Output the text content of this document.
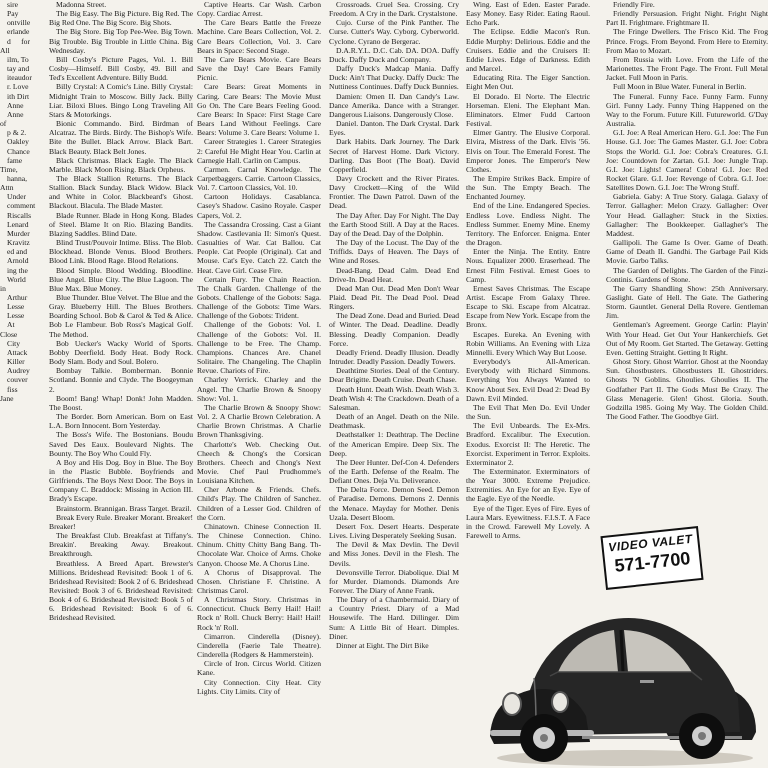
sire

Pay

ontville

erlande

d for All

ilm, To

tay and

iteaudor

r. Love

ith Dirt

Anne

Anne of

p & 2.

Oakley

Chance

fame Time,

hanna, Attn

Under

comment

Riscalls

Lenard

Murder

Kravitz

ed and

Arnold

ing the

World in

Arthur

Lesse

Lesse

At Close

City

Attack

Killer

Audrey

couver

fiss Jane

Madonna Street.

The Big Easy. The Big Picture. Big Red. The Big Red One. The Big Score. Big Shots.

The Big Store. Big Top Pee-Wee. Big Town. Big Trouble. Big Trouble in Little China. Big Wednesday.

Bill Cosby's Picture Pages, Vol. 1. Bill Cosby—Himself. Bill Cosby, 49. Bill and Ted's Excellent Adventure. Billy Budd.

Billy Crystal: A Comic's Line. Billy Crystal: Midnight Train to Moscow. Billy Jack. Billy Liar. Biloxi Blues. Bingo Long Traveling All Stars & Motorkings.

Bionic Commando. Bird. Birdman of Alcatraz. The Birds. Birdy. The Bishop's Wife. Bite the Bullet. Black Arrow. Black Bart. Black Beauty. Black Belt Jones.

Black Christmas. Black Eagle. The Black Marble. Black Moon Rising. Black Orpheus.

The Black Stallion Returns. The Black Stallion. Black Sunday. Black Widow. Black and White in Color. Blackbeard's Ghost. Blackout. Blacula. The Blade Master.

Blade Runner. Blade in Hong Kong. Blades of Steel. Blame It on Rio. Blazing Bandits. Blazing Saddles. Blind Date.

Blind Trust/Pouvoir Intime. Bliss. The Blob. Blockhead. Blonde Venus. Blood Brothers. Blood Link. Blood Rage. Blood Relations.

Blood Simple. Blood Wedding. Bloodline. Blue Angel. Blue City. The Blue Lagoon. The Blue Max. Blue Money.

Blue Thunder. Blue Velvet. The Blue and the Gray. Blueberry Hill. The Blues Brothers. Boarding School. Bob & Carol & Ted & Alice. Bob Le Flambeur. Bob Ross's Magical Golf. The Method.

Bob Uecker's Wacky World of Sports. Bobby Deerfield. Body Heat. Body Rock. Body Slam. Body and Soul. Bolero.

Bombay Talkie. Bomberman. Bonnie Scotland. Bonnie and Clyde. The Boogeyman 2.

Boom! Bang! Whap! Donk! John Madden. The Boost.

The Border. Born American. Born on East L.A. Born Innocent. Born Yesterday.

The Boss's Wife. The Bostonians. Boudu Saved Des Eaux. Boulevard Nights. The Bounty. The Boy Who Could Fly.

A Boy and His Dog. Boy in Blue. The Boy in the Plastic Bubble. Boyfriends and Girlfriends. The Boys Next Door. The Boys in Company C. Braddock: Missing in Action III. Brady's Escape.

Brainstorm. Brannigan. Brass Target. Brazil.

Break Every Rule. Breaker Morant. Breaker! Breaker!

The Breakfast Club. Breakfast at Tiffany's. Breakin'. Breaking Away. Breakout. Breakthrough.

Breathless. A Breed Apart. Brewster's Millions. Brideshead Revisited: Book 1 of 6. Brideshead Revisited: Book 2 of 6. Brideshead Revisited: Book 3 of 6. Brideshead Revisited: Book 4 of 6. Brideshead Revisited: Book 5 of 6. Brideshead Revisited: Book 6 of 6. Brideshead Revisited.

Captive Hearts. Car Wash. Carbon Copy. Cardiac Arrest.

The Care Bears Battle the Freeze Machine. Care Bears Collection, Vol. 2. Care Bears Collection, Vol. 3. Care Bears in Space: Second Stage.

The Care Bears Movie. Care Bears Save the Day! Care Bears Family Picnic.

Care Bears: Great Moments in Caring. Care Bears: The Movie Must Go On. The Care Bears Feeling Good. Care Bears: In Space: First Stage Care Bears Land Without Feelings. Care Bears: Volume 3. Care Bears: Volume 1.

Career Strategies 1. Career Strategies 2: Careful He Might Hear You. Carlin at Carnegie Hall. Carlin on Campus.

Carmen. Carnal Knowledge. The Carpetbaggers. Carrie. Cartoon Classics, Vol. 7. Cartoon Classics, Vol. 10.

Cartoon Holidays. Casablanca. Casey's Shadow. Casino Royale. Casper Capers, Vol. 2.

The Cassandra Crossing. Cast a Giant Shadow. Castlevania II: Simon's Quest. Casualties of War. Cat Ballou. Cat People. Cat People (Original). Cat and Mouse. Cat's Eye. Catch 22. Catch the Heat. Cave Girl. Cease Fire.

Certain Fury. The Chain Reaction. The Chalk Garden. Challenge of the Gobots. Challenge of the Gobots: Saga. Challenge of the Gobots: Time Wars. Challenge of the Gobots: Trident.

Challenge of the Gobots: Vol. I. Challenge of the Gobots: Vol. II. Challenge to be Free. The Champ. Champions. Chances Are. Chanel Solitaire. The Changeling. The Chaplin Revue. Chariots of Fire.

Charley Verrick. Charley and the Angel. The Charlie Brown & Snoopy Show: Vol. 1.

The Charlie Brown & Snoopy Show: Vol. 2. A Charlie Brown Celebration. A Charlie Brown Christmas. A Charlie Brown Thanksgiving.

Charlotte's Web. Checking Out. Cheech & Chong's the Corsican Brothers. Cheech and Chong's Next Movie. Chef Paul Prudhomme's Louisiana Kitchen.

Cher Arbone & Friends. Chefs. Child's Play. The Children of Sanchez. Children of a Lesser God. Children of the Corn.

Chinatown. Chinese Connection II. The Chinese Connection. Chino. Chinum. Chitty Chitty Bang Bang. Th- Chocolate War. Choice of Arms. Choke Canyon. Choose Me. A Chorus Line.

A Chorus of Disapproval. The Chosen. Christiane F. Christine. A Christmas Carol.

A Christmas Story. Christmas in Connecticut. Chuck Berry Hail! Hail! Rock n' Roll. Chuck Berry: Hail! Hail! Rock 'n' Roll.

Cimarron. Cinderella (Disney). Cinderella (Faerie Tale Theatre). Cinderella (Rodgers & Hammerstein).

Circle of Iron. Circus World. Citizen Kane.

City Connection. City Heat. City Lights. City Limits. City of

Crossroads. Cruel Sea. Crossing. Cry Freedom. A Cry in the Dark. Crystalstone.

Cujo. Curse of the Pink Panther. The Curse. Cutter's Way. Cyborg. Cyberworld. Cyclone. Cyrano de Bergerac.

D.A.R.Y.L. D.C. Cab. DA. DOA. Daffy Duck. Daffy Duck and Company.

Daffy Duck's Madcap Mania. Daffy Duck: Ain't That Ducky. Daffy Duck: The Nuttiness Continues. Daffy Duck Bunnies.

Damien: Omen II. Dan Candy's Law. Dance Amerika. Dance with a Stranger. Dangerous Liaisons. Dangerously Close.

Daniel. Danton. The Dark Crystal. Dark Eyes.

Dark Habits. Dark Journey. The Dark Secret of Harvest Home. Dark Victory. Darling. Das Boot (The Boat). David Copperfield.

Davy Crockett and the River Pirates. Davy Crockett—King of the Wild Frontier. The Dawn Patrol. Dawn of the Dead.

The Day After. Day For Night. The Day the Earth Stood Still. A Day at the Races. Day of the Dead. Day of the Dolphin.

The Day of the Locust. The Day of the Triffids. Days of Heaven. The Days of Wine and Roses.

Dead-Bang. Dead Calm. Dead End Drive-In. Dead Heat.

Dead Man Out. Dead Men Don't Wear Plaid. Dead Pit. The Dead Pool. Dead Ringers.

The Dead Zone. Dead and Buried. Dead of Winter. The Dead. Deadline. Deadly Blessing. Deadly Companion. Deadly Force.

Deadly Friend. Deadly Illusion. Deadly Intruder. Deadly Passion. Deadly Towers.

Deathtime Stories. Deal of the Century. Dear Brigitte. Death Cruise. Death Chase.

Death Hunt. Death Wish. Death Wish 3. Death Wish 4: The Crackdown. Death of a Salesman.

Death of an Angel. Death on the Nile. Deathmask.

Deathstalker 1: Deathtrap. The Decline of the American Empire. Deep Six. The Deep.

The Deer Hunter. Def-Con 4. Defenders of the Earth. Defense of the Realm. The Defiant Ones. Deja Vu. Deliverance.

The Delta Force. Demon Seed. Demon of Paradise. Demons. Demons 2. Dennis the Menace. Mayday for Mother. Denis Uzala. Desert Bloom.

Desert Fox. Desert Hearts. Desperate Lives. Living Desperately Seeking Susan.

The Devil & Max Devlin. The Devil and Miss Jones. Devil in the Flesh. The Devils.

Devonsville Terror. Diabolique. Dial M for Murder. Diamonds. Diamonds Are Forever. The Diary of Anne Frank.

The Diary of a Chambermaid. Diary of a Country Priest. Diary of a Mad Housewife. The Hard. Dillinger. Dim Sum: A Little Bit of Heart. Dimples. Diner.

Dinner at Eight. The Dirt Bike

Wing. East of Eden. Easter Parade. Easy Money. Easy Rider. Eating Raoul. Echo Park.

The Eclipse. Eddie Macon's Run. Eddie Murphy: Delirious. Eddie and the Cruisers. Eddie and the Cruisers II: Eddie Lives. Edge of Darkness. Edith and Marcel.

Educating Rita. The Eiger Sanction. Eight Men Out.

El Dorado. El Norte. The Electric Horseman. Eleni. The Elephant Man. Eliminators. Elmer Fudd Cartoon Festival.

Elmer Gantry. The Elusive Corporal. Elvira, Mistress of the Dark. Elvis '56. Elvis on Tour. The Emerald Forest. The Emperor Jones. The Emperor's New Clothes.

The Empire Strikes Back. Empire of the Sun. The Empty Beach. The Enchanted Journey.

End of the Line. Endangered Species. Endless Love. Endless Night. The Endless Summer. Enemy Mine. Enemy Territory. The Enforcer. Enigma. Enter the Dragon.

Enter the Ninja. The Entity. Entre Nous. Equalizer 2000. Eraserhead. The Ernest Film Festival. Ernest Goes to Camp.

Ernest Saves Christmas. The Escape Artist. Escape From Galaxy Three. Escape to Ski. Escape from Alcatraz. Escape from New York. Escape from the Bronx.

Escapes. Eureka. An Evening with Robin Williams. An Evening with Liza Minnelli. Every Which Way But Loose.

Everybody's All-American. Everybody with Richard Simmons. Everything You Always Wanted to Know About Sex. Evil Dead 2: Dead By Dawn. Evil Minded.

The Evil That Men Do. Evil Under the Sun.

The Evil Unbeards. The Ex-Mrs. Bradford. Excalibur. The Execution. Exodus. Exorcist II: The Heretic. The Exorcist. Experiment in Terror. Exploits. Exterminator 2.

The Exterminator. Exterminators of the Year 3000. Extreme Prejudice. Extremities. An Eye for an Eye. Eye of the Eagle. Eye of the Needle.

Eye of the Tiger. Eyes of Fire. Eyes of Laura Mars. Eyewitness. F.I.S.T. A Face in the Crowd. Farewell My Lovely. A Farewell to Arms.

Friendly Fire.

Friendly Persuasion. Fright Night. Fright Night Part II. Frightmare. Frightmare II.

The Fringe Dwellers. The Frisco Kid. The Frog Prince. Frogs. From Beyond. From Here to Eternity. From Mao to Mozart.

From Russia with Love. From the Life of the Marionettes. The Front Page. The Front. Full Metal Jacket. Full Moon in Paris.

Full Moon in Blue Water. Funeral in Berlin.

The Funeral. Funny Face. Funny Farm. Funny Girl. Funny Lady. Funny Thing Happened on the Way to the Forum. Future Kill. Futureworld. G'Day Australia.

G.I. Joe: A Real American Hero. G.I. Joe: The Fun House. G.I. Joe: The Games Master. G.I. Joe: Cobra Stops the World. G.I. Joe: Cobra's Creatures. G.I. Joe: Countdown for Zartan. G.I. Joe: Jungle Trap. G.I. Joe: Lights! Camera! Cobra! G.I. Joe: Red Rocket Glare. G.I. Joe: Revenge of Cobra. G.I. Joe: Satellites Down. G.I. Joe: The Wrong Stuff.

Gabriela. Gaby: A True Story. Galaga. Galaxy of Terror. Gallagher: Melon Crazy. Gallagher: Over Your Head. Gallagher: Stuck in the Sixties. Gallagher: The Bookkeeper. Gallagher's The Maddest.

Gallipoli. The Game Is Over. Game of Death. Game of Death II. Gandhi. The Garbage Pail Kids Movie. Garbo Talks.

The Garden of Delights. The Garden of the Finzi-Continis. Gardens of Stone.

The Garry Shandling Show: 25th Anniversary. Gaslight. Gate of Hell. The Gate. The Gathering Storm. Gauntlet. General Della Rovere. Gentleman Jim.

Gentleman's Agreement. George Carlin: Playin' With Your Head. Get Out Your Hankerchiefs. Get Out of My Room. Get Started. The Getaway. Getting Even. Getting Straight. Getting It Right.

Ghost Story. Ghost Warrior. Ghost at the Noonday Sun. Ghostbusters. Ghostbusters II. Ghostriders. Ghosts 'N Goblins. Ghoulies. Ghoulies II. The Godfather Part II. The Gods Must Be Crazy. The Glass Menagerie. Glen! Ghost. Gloria. South. Godzilla 1985. Going My Way. The Golden Child. The Good Father. The Goodbye Girl.

VIDEO VALET
571-7700
